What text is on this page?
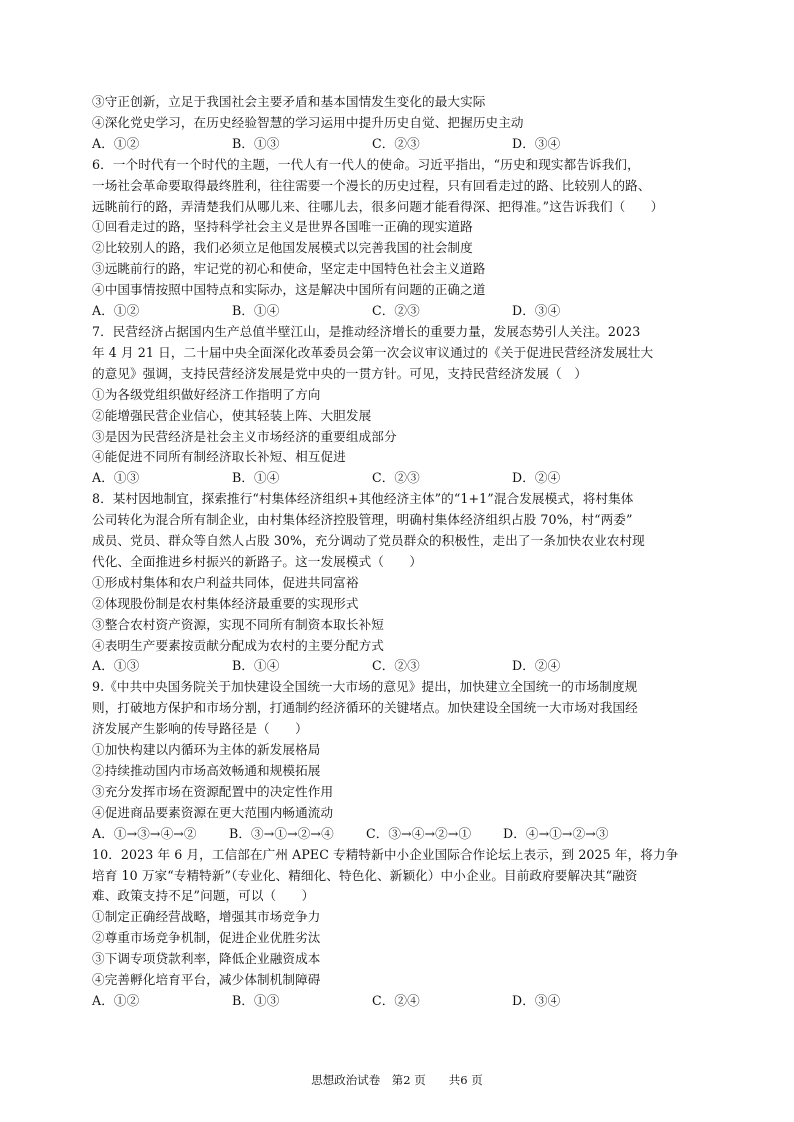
③守正创新，立足于我国社会主要矛盾和基本国情发生变化的最大实际
④深化党史学习，在历史经验智慧的学习运用中提升历史自觉、把握历史主动
A．①②	B．①③	C．②③	D．③④
6．一个时代有一个时代的主题，一代人有一代人的使命。习近平指出，“历史和现实都告诉我们，
一场社会革命要取得最终胜利，往往需要一个漫长的历史过程，只有回看走过的路、比较别人的路、
远眺前行的路，弄清楚我们从哪儿来、往哪儿去，很多问题才能看得深、把得准。”这告诉我们（　　）
①回看走过的路，坚持科学社会主义是世界各国唯一正确的现实道路
②比较别人的路，我们必须立足他国发展模式以完善我国的社会制度
③远眺前行的路，牢记党的初心和使命，坚定走中国特色社会主义道路
④中国事情按照中国特点和实际办，这是解决中国所有问题的正确之道
A．①②	B．①④	C．②③	D．③④
7．民营经济占据国内生产总值半壁江山，是推动经济增长的重要力量，发展态势引人关注。2023
年 4 月 21 日，二十届中央全面深化改革委员会第一次会议审议通过的《关于促进民营经济发展壮大
的意见》强调，支持民营经济发展是党中央的一贯方针。可见，支持民营经济发展（　）
①为各级党组织做好经济工作指明了方向
②能增强民营企业信心，使其轻装上阵、大胆发展
③是因为民营经济是社会主义市场经济的重要组成部分
④能促进不同所有制经济取长补短、相互促进
A．①③	B．①④	C．②③	D．②④
8．某村因地制宜，探索推行“村集体经济组织+其他经济主体”的“1+1”混合发展模式，将村集体
公司转化为混合所有制企业，由村集体经济控股管理，明确村集体经济组织占股 70%，村“两委”
成员、党员、群众等自然人占股 30%，充分调动了党员群众的积极性，走出了一条加快农业农村现
代化、全面推进乡村振兴的新路子。这一发展模式（　　）
①形成村集体和农户利益共同体，促进共同富裕
②体现股份制是农村集体经济最重要的实现形式
③整合农村资产资源，实现不同所有制资本取长补短
④表明生产要素按贡献分配成为农村的主要分配方式
A．①③	B．①④	C．②③	D．②④
9.《中共中央国务院关于加快建设全国统一大市场的意见》提出，加快建立全国统一的市场制度规
则，打破地方保护和市场分割，打通制约经济循环的关键堵点。加快建设全国统一大市场对我国经
济发展产生影响的传导路径是（　　）
①加快构建以内循环为主体的新发展格局
②持续推动国内市场高效畅通和规模拓展
③充分发挥市场在资源配置中的决定性作用
④促进商品要素资源在更大范围内畅通流动
A．①→③→④→②	B．③→①→②→④	C．③→④→②→①	D．④→①→②→③
10．2023 年 6 月，工信部在广州 APEC 专精特新中小企业国际合作论坛上表示，到 2025 年，将力争
培育 10 万家“专精特新”（专业化、精细化、特色化、新颖化）中小企业。目前政府要解决其“融资
难、政策支持不足”问题，可以（　　）
①制定正确经营战略，增强其市场竞争力
②尊重市场竞争机制，促进企业优胜劣汰
③下调专项贷款利率，降低企业融资成本
④完善孵化培育平台，减少体制机制障碍
A．①②	B．①③	C．②④	D．③④
思想政治试卷　第2 页　　共6 页
